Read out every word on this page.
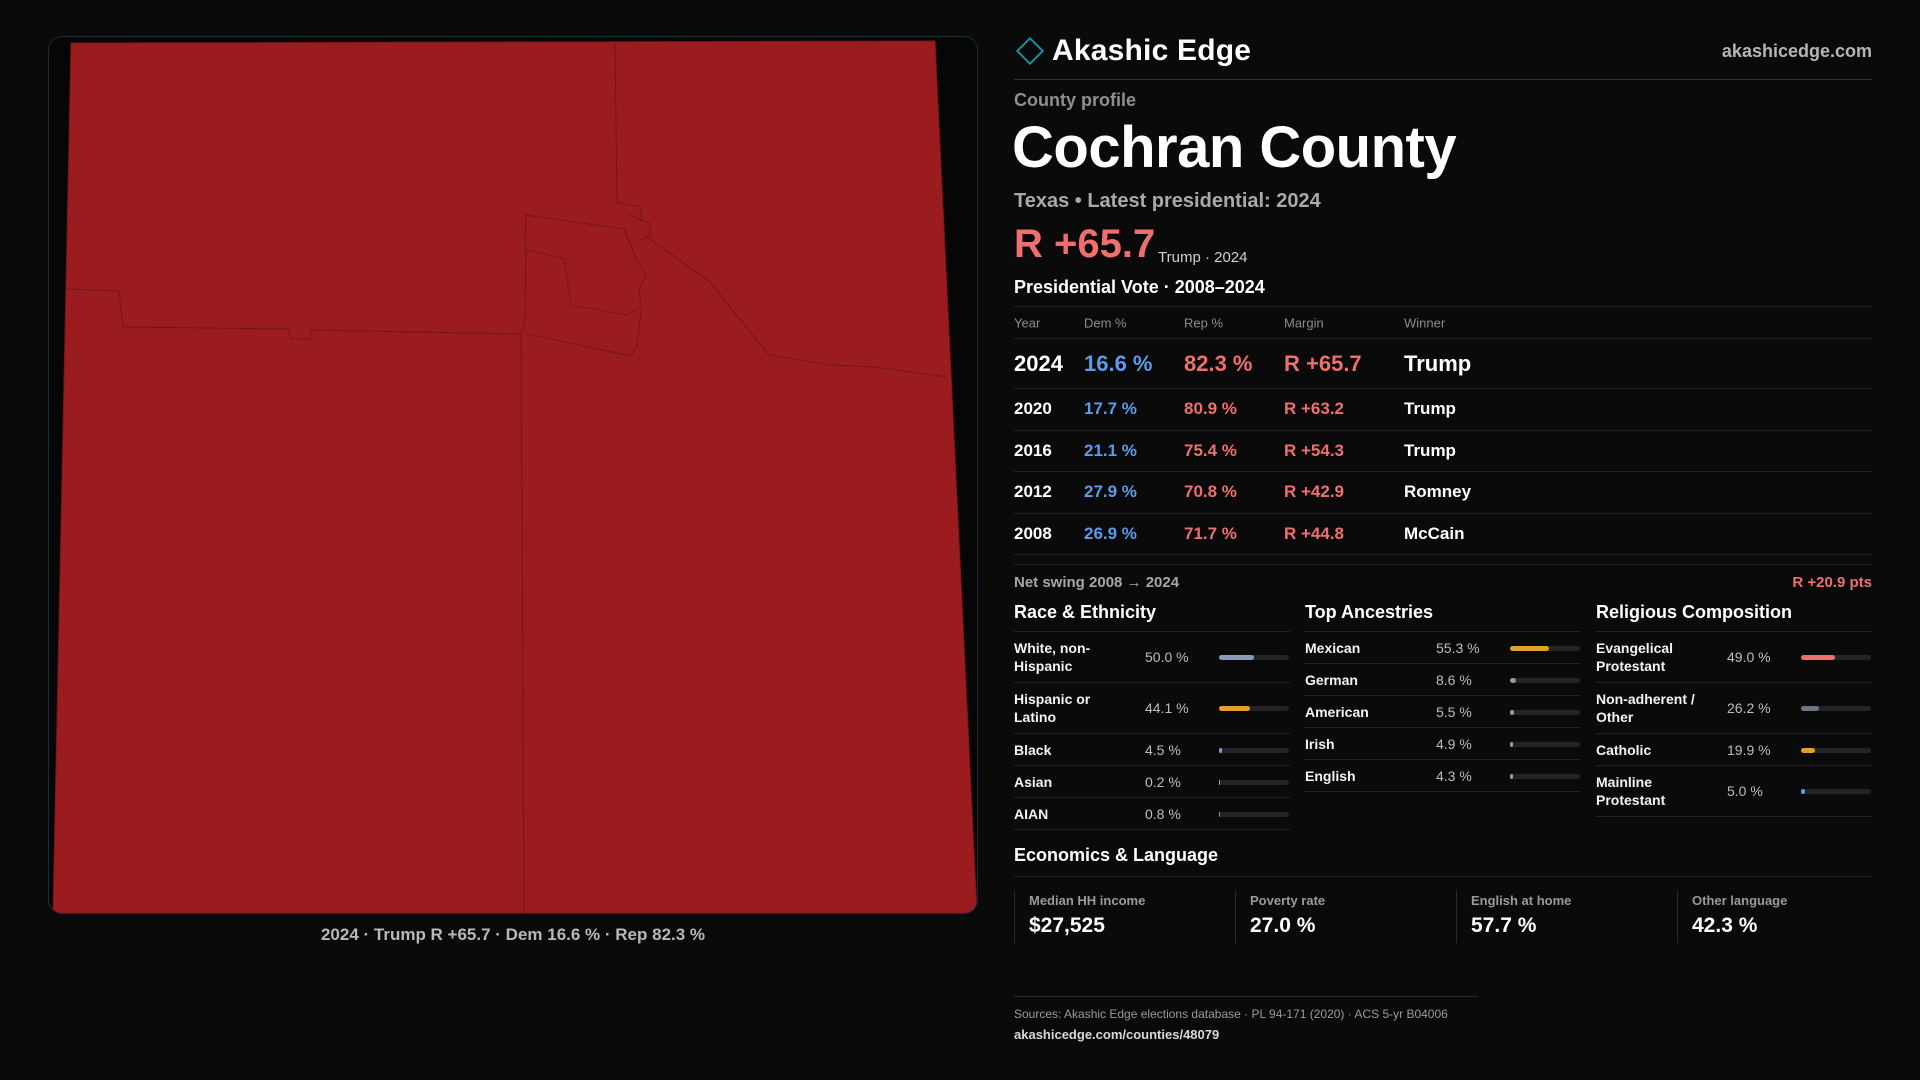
2024 · Trump R +65.7 · Dem 16.6 % · Rep 82.3 %
Akashic Edge	akashicedge.com
County profile
Cochran County
Texas • Latest presidential: 2024
R +65.7 Trump · 2024
Presidential Vote · 2008–2024
Year	Dem %	Rep %	Margin	Winner
2024 16.6 % 82.3 % R +65.7 Trump
2020 17.7 %	80.9 %	R +63.2	Trump
2016 21.1 %	75.4 %	R +54.3	Trump
2012 27.9 %	70.8 %	R +42.9	Romney
2008 26.9 %	71.7 %	R +44.8	McCain
Net swing 2008 → 2024	R +20.9 pts
Race & Ethnicity
White, non-Hispanic
50.0 %
Hispanic or Latino
44.1 %
Black	4.5 %
Asian	0.2 %
AIAN	0.8 %
Top Ancestries
Mexican	55.3 %
German	8.6 %
American	5.5 %
Irish	4.9 %
English	4.3 %
Religious Composition
Evangelical Protestant
49.0 %
Non-adherent / Other
26.2 %
Catholic	19.9 %
Mainline Protestant
5.0 %
Economics & Language
Median HH income
$27,525
Poverty rate
27.0 %
English at home
57.7 %
Other language
42.3 %
Sources: Akashic Edge elections database · PL 94-171 (2020) · ACS 5-yr B04006
akashicedge.com/counties/48079
